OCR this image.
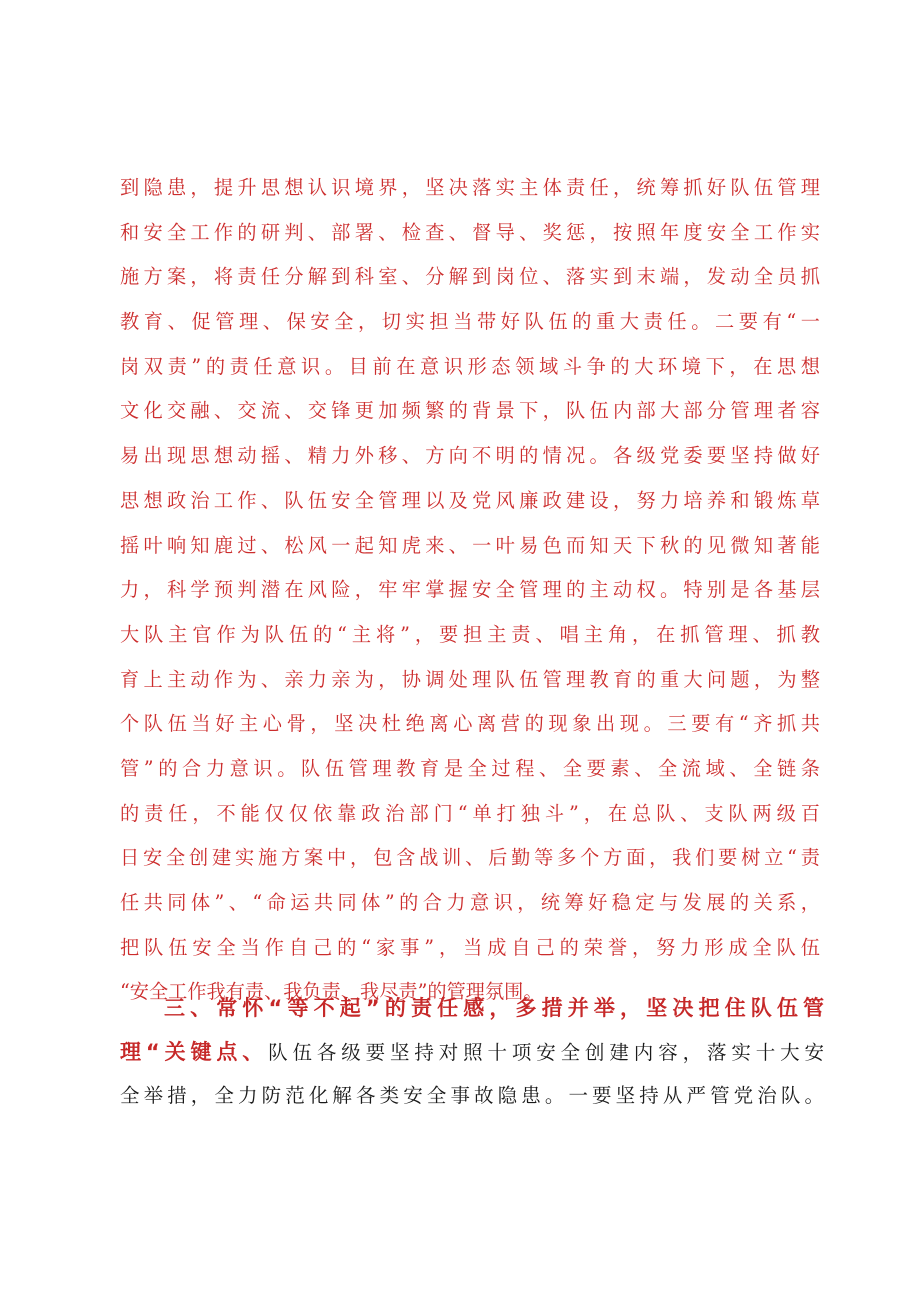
到隐患，提升思想认识境界，坚决落实主体责任，统筹抓好队伍管理
和安全工作的研判、部署、检查、督导、奖惩，按照年度安全工作实
施方案，将责任分解到科室、分解到岗位、落实到末端，发动全员抓
教育、促管理、保安全，切实担当带好队伍的重大责任。二要有“一
岗双责”的责任意识。目前在意识形态领域斗争的大环境下，在思想
文化交融、交流、交锋更加频繁的背景下，队伍内部大部分管理者容
易出现思想动摇、精力外移、方向不明的情况。各级党委要坚持做好
思想政治工作、队伍安全管理以及党风廉政建设，努力培养和锻炼草
摇叶响知鹿过、松风一起知虎来、一叶易色而知天下秋的见微知著能
力，科学预判潜在风险，牢牢掌握安全管理的主动权。特别是各基层
大队主官作为队伍的“主将”，要担主责、唱主角，在抓管理、抓教
育上主动作为、亲力亲为，协调处理队伍管理教育的重大问题，为整
个队伍当好主心骨，坚决杜绝离心离营的现象出现。三要有“齐抓共
管”的合力意识。队伍管理教育是全过程、全要素、全流域、全链条
的责任，不能仅仅依靠政治部门“单打独斗”，在总队、支队两级百
日安全创建实施方案中，包含战训、后勤等多个方面，我们要树立“责
任共同体”、“命运共同体”的合力意识，统筹好稳定与发展的关系，
把队伍安全当作自己的“家事”，当成自己的荣誉，努力形成全队伍
“安全工作我有责、我负责、我尽责”的管理氛围。
三、常怀“等不起”的责任感，多措并举，坚决把住队伍管
理“关键点、队伍各级要坚持对照十项安全创建内容，落实十大安
全举措，全力防范化解各类安全事故隐患。一要坚持从严管党治队。
